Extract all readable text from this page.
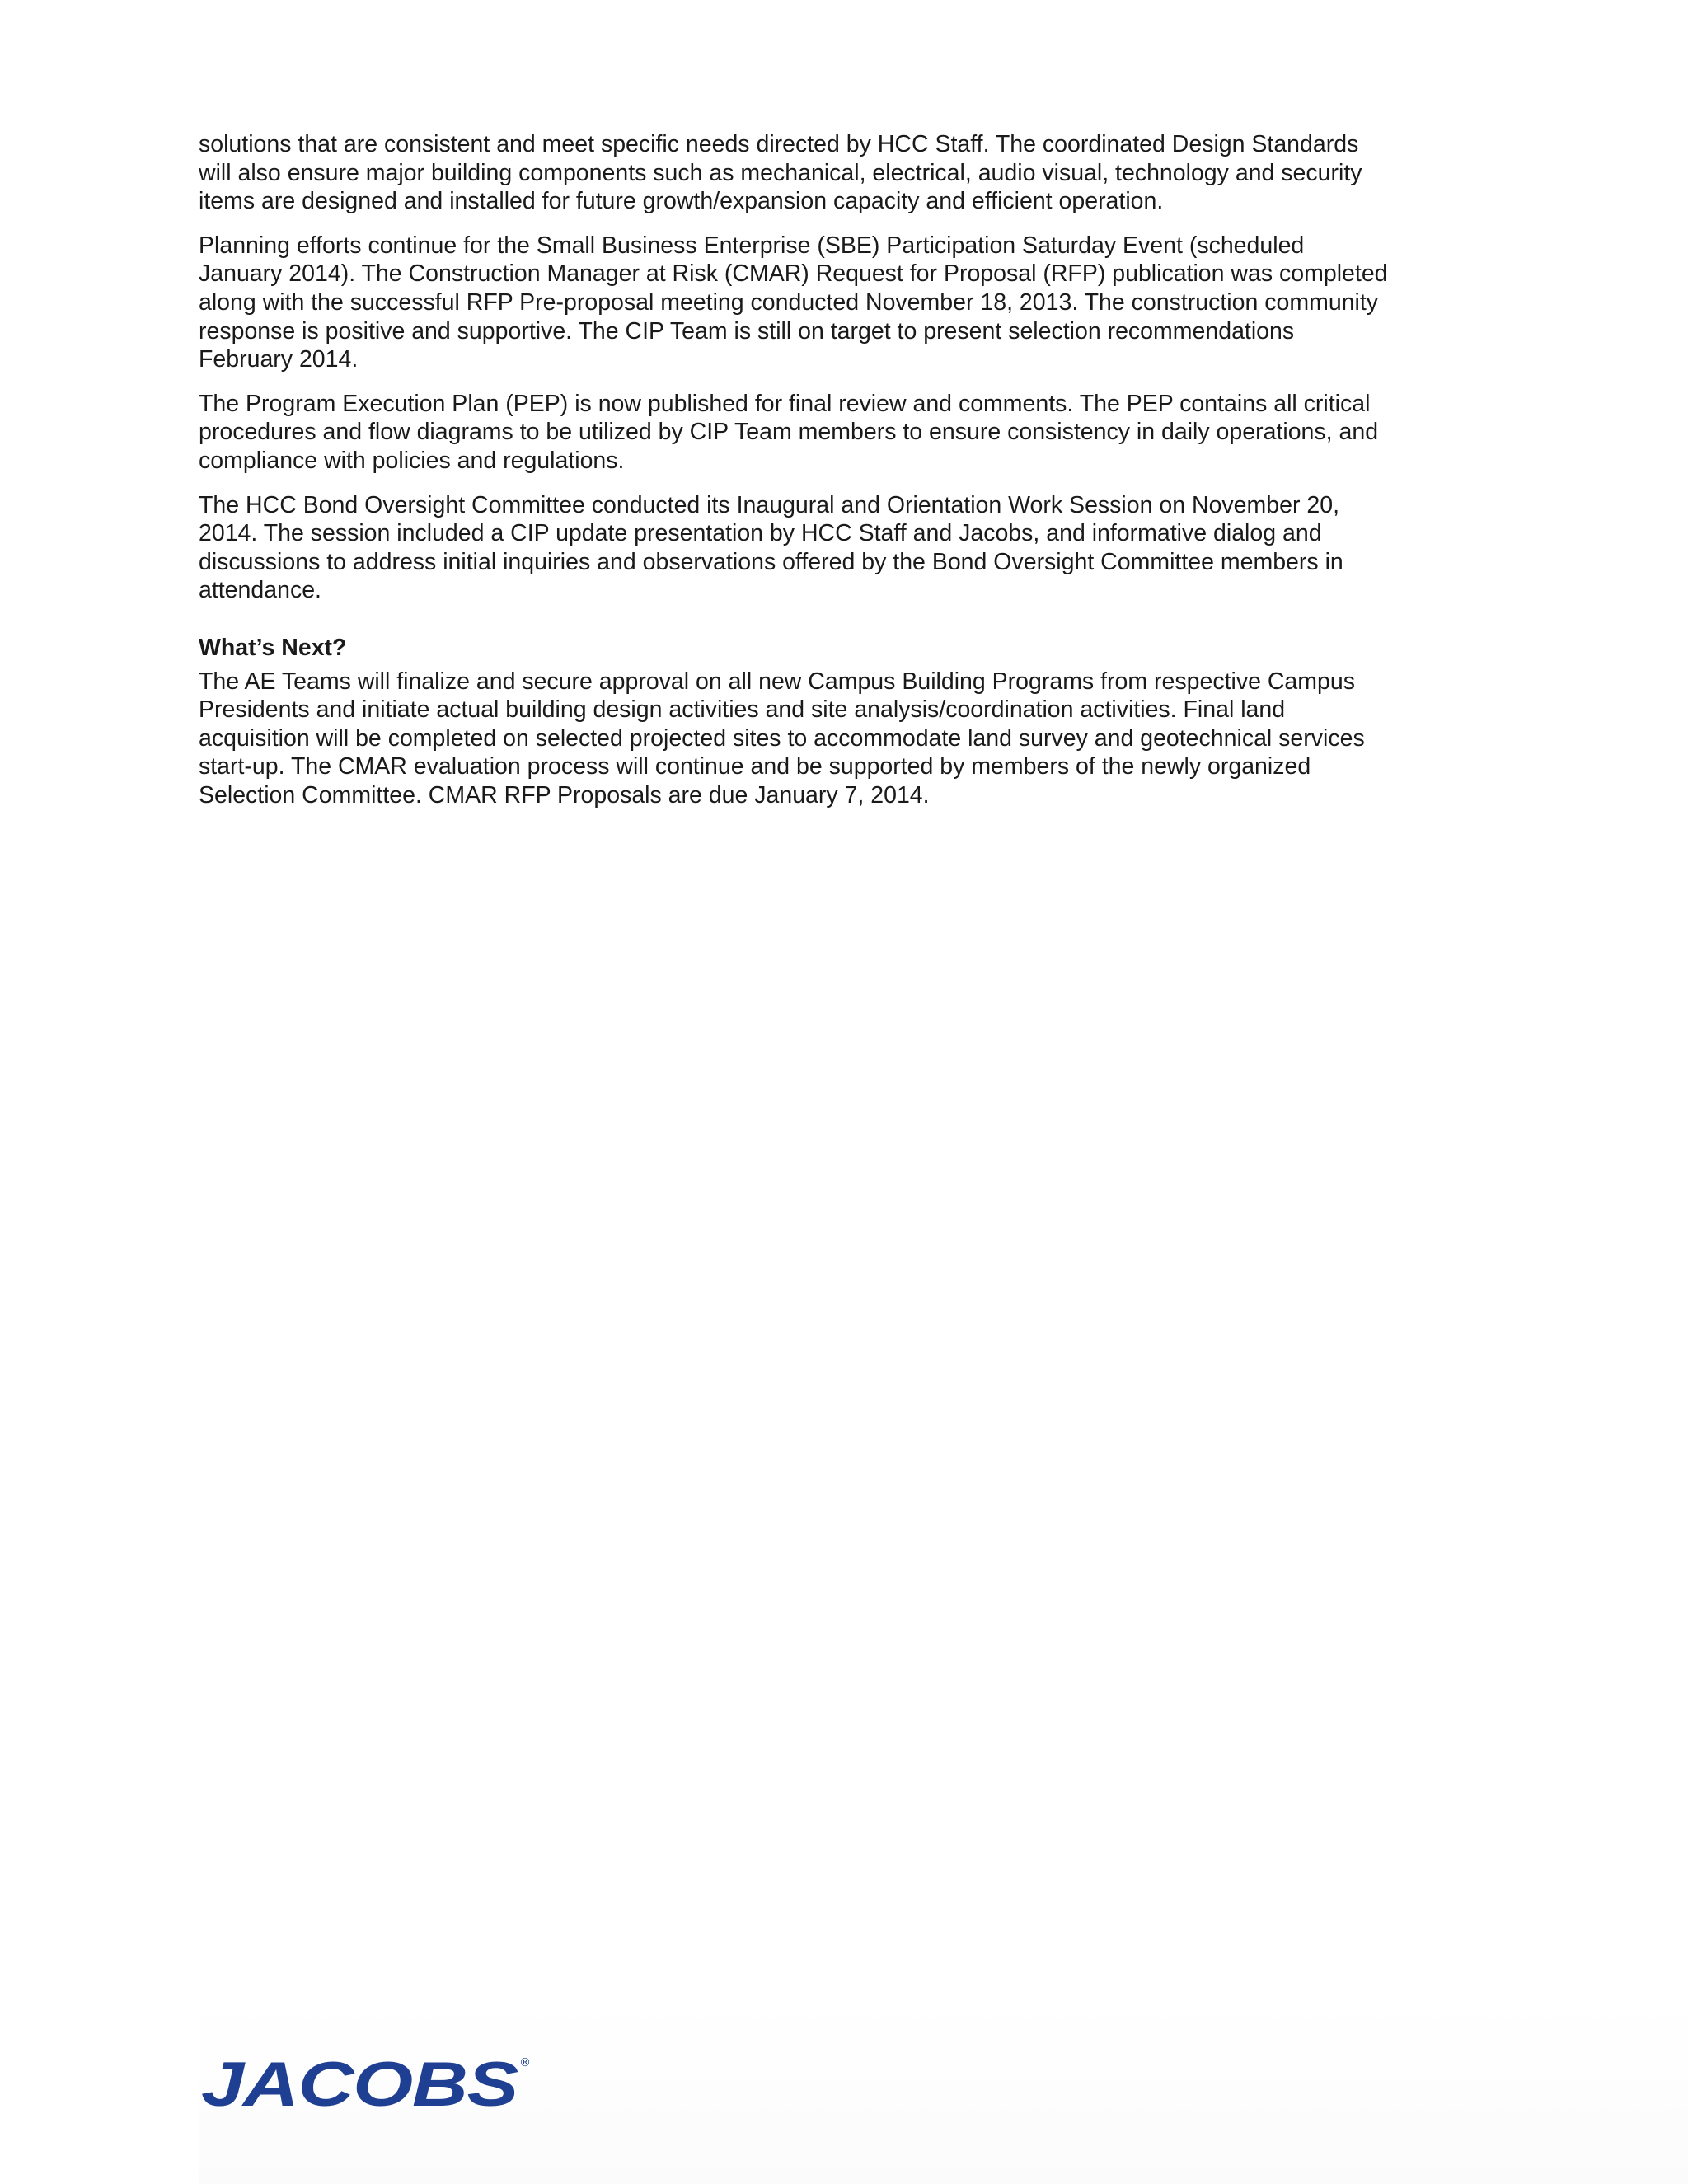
solutions that are consistent and meet specific needs directed by HCC Staff. The coordinated Design Standards will also ensure major building components such as mechanical, electrical, audio visual, technology and security items are designed and installed for future growth/expansion capacity and efficient operation.

Planning efforts continue for the Small Business Enterprise (SBE) Participation Saturday Event (scheduled January 2014). The Construction Manager at Risk (CMAR) Request for Proposal (RFP) publication was completed along with the successful RFP Pre-proposal meeting conducted November 18, 2013. The construction community response is positive and supportive. The CIP Team is still on target to present selection recommendations February 2014.

The Program Execution Plan (PEP) is now published for final review and comments. The PEP contains all critical procedures and flow diagrams to be utilized by CIP Team members to ensure consistency in daily operations, and compliance with policies and regulations.

The HCC Bond Oversight Committee conducted its Inaugural and Orientation Work Session on November 20, 2014. The session included a CIP update presentation by HCC Staff and Jacobs, and informative dialog and discussions to address initial inquiries and observations offered by the Bond Oversight Committee members in attendance.

What’s Next?

The AE Teams will finalize and secure approval on all new Campus Building Programs from respective Campus Presidents and initiate actual building design activities and site analysis/coordination activities. Final land acquisition will be completed on selected projected sites to accommodate land survey and geotechnical services start-up. The CMAR evaluation process will continue and be supported by members of the newly organized Selection Committee. CMAR RFP Proposals are due January 7, 2014.

JACOBS ®
